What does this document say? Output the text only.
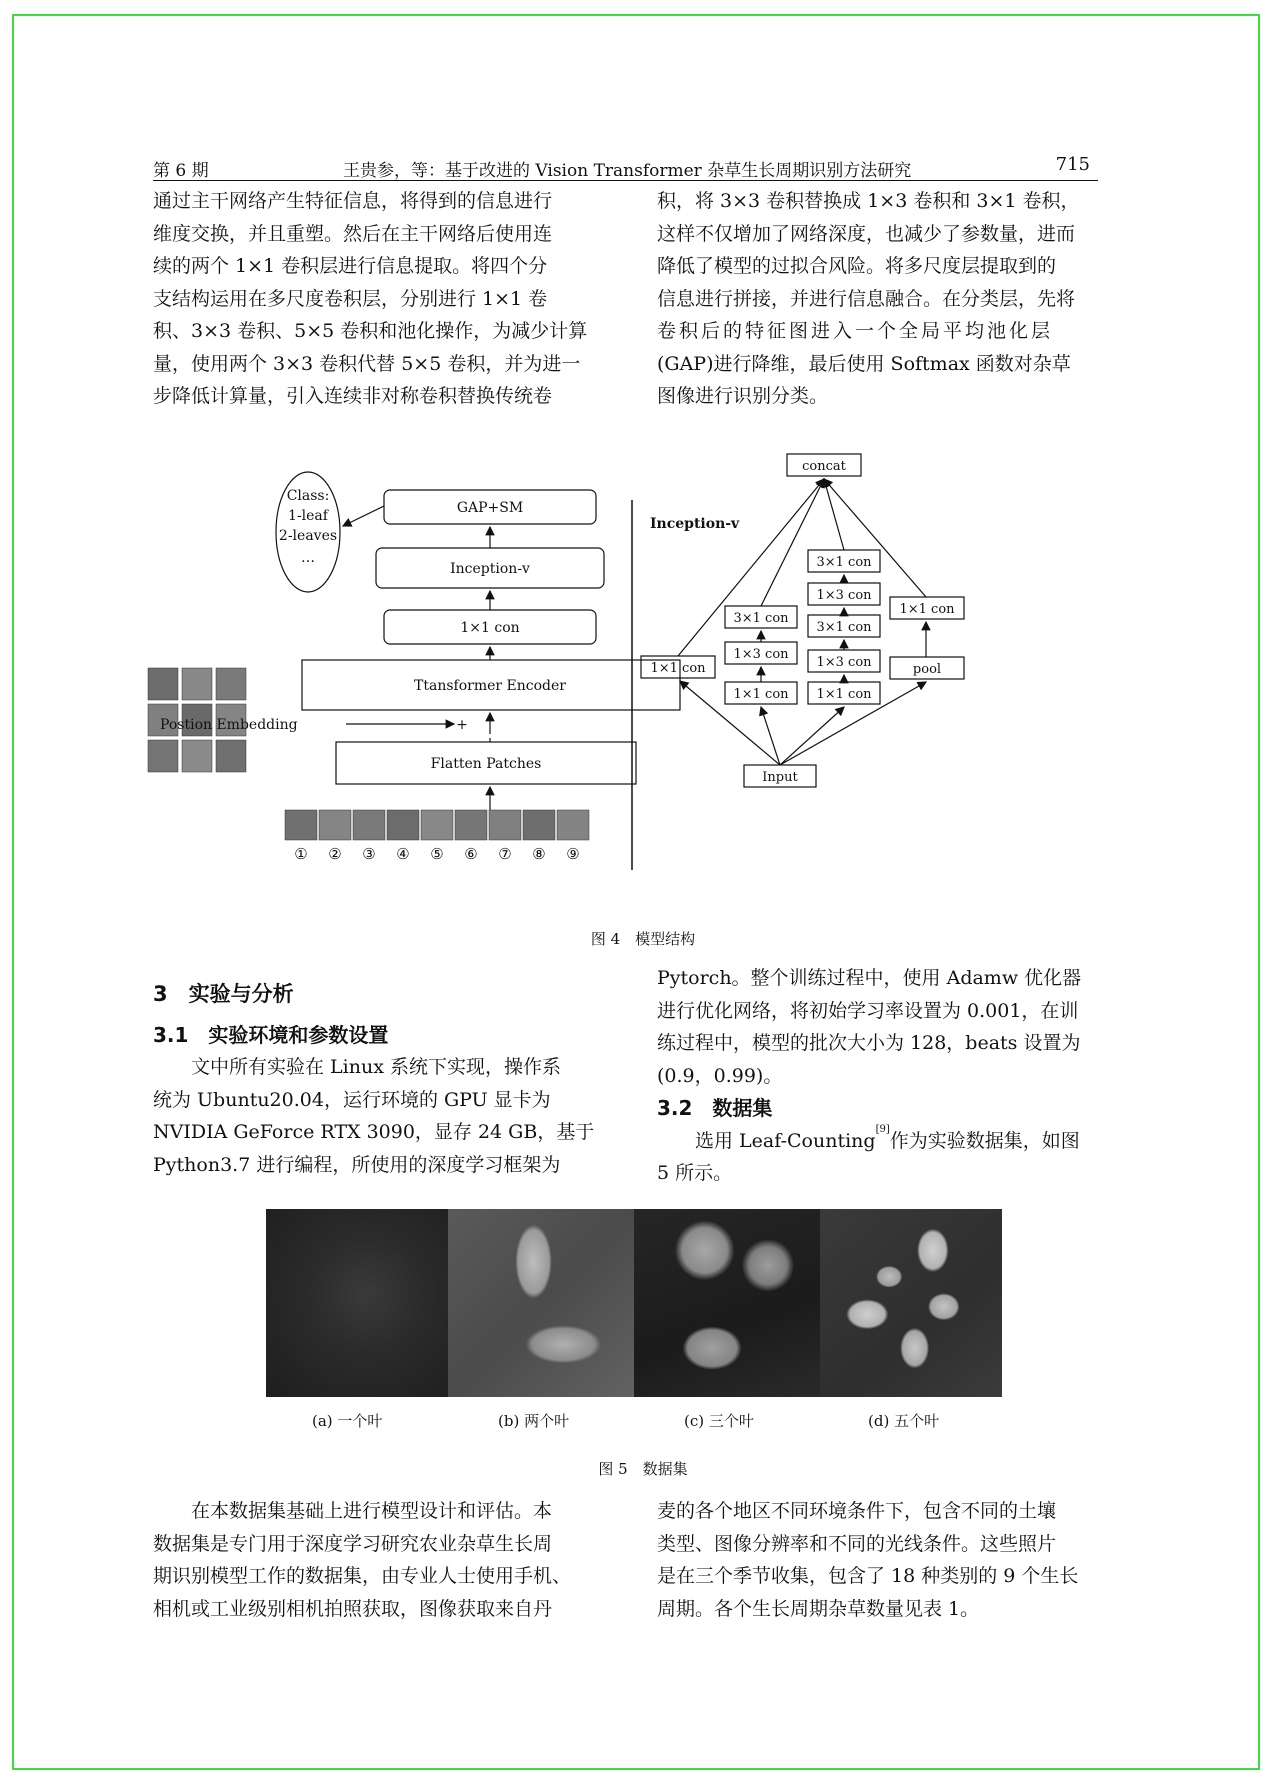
第 6 期	王贵参，等：基于改进的 Vision Transformer 杂草生长周期识别方法研究	715

通过主干网络产生特征信息，将得到的信息进行

维度交换，并且重塑。然后在主干网络后使用连

续的两个 1×1 卷积层进行信息提取。将四个分

支结构运用在多尺度卷积层，分别进行 1×1 卷

积、3×3 卷积、5×5 卷积和池化操作，为减少计算

量，使用两个 3×3 卷积代替 5×5 卷积，并为进一

步降低计算量，引入连续非对称卷积替换传统卷

积，将 3×3 卷积替换成 1×3 卷积和 3×1 卷积，

这样不仅增加了网络深度，也减少了参数量，进而

降低了模型的过拟合风险。将多尺度层提取到的

信息进行拼接，并进行信息融合。在分类层，先将

卷积后的特征图进入一个全局平均池化层

(GAP)进行降维，最后使用 Softmax 函数对杂草

图像进行识别分类。

Class:
1-leaf
2-leaves
…
GAP+SM
Inception-v
1×1 con
Ttansformer Encoder
Flatten Patches
+
Postion Embedding
① ② ③ ④ ⑤ ⑥ ⑦ ⑧ ⑨
Inception-v
concat
Input
1×1 con
3×1 con
1×3 con
1×1 con
3×1 con
1×3 con
3×1 con
1×3 con
1×1 con
1×1 con
pool
图 4　模型结构

3　实验与分析

3.1　实验环境和参数设置

文中所有实验在 Linux 系统下实现，操作系

统为 Ubuntu20.04，运行环境的 GPU 显卡为

NVIDIA GeForce RTX 3090，显存 24 GB，基于

Python3.7 进行编程，所使用的深度学习框架为

Pytorch。整个训练过程中，使用 Adamw 优化器

进行优化网络，将初始学习率设置为 0.001，在训

练过程中，模型的批次大小为 128，beats 设置为

(0.9，0.99)。

3.2　数据集

选用 Leaf-Counting[9]作为实验数据集，如图

5 所示。

(a) 一个叶	(b) 两个叶	(c) 三个叶	(d) 五个叶
图 5　数据集

在本数据集基础上进行模型设计和评估。本

数据集是专门用于深度学习研究农业杂草生长周

期识别模型工作的数据集，由专业人士使用手机、

相机或工业级别相机拍照获取，图像获取来自丹

麦的各个地区不同环境条件下，包含不同的土壤

类型、图像分辨率和不同的光线条件。这些照片

是在三个季节收集，包含了 18 种类别的 9 个生长

周期。各个生长周期杂草数量见表 1。
